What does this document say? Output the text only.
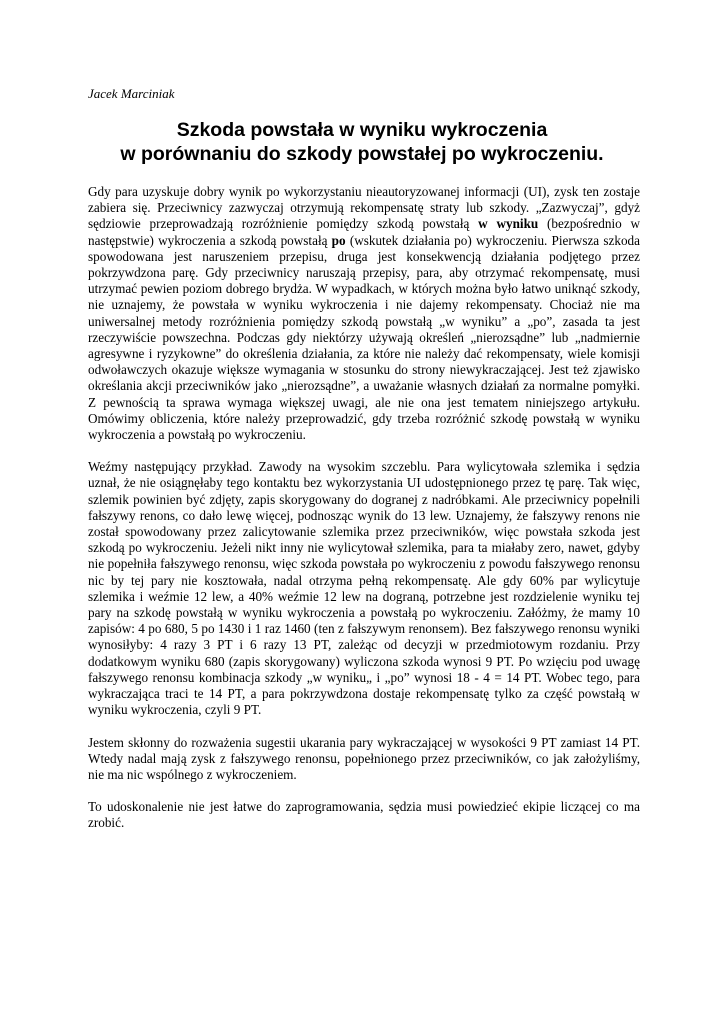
Jacek Marciniak
Szkoda powstała w wyniku wykroczenia
w porównaniu do szkody powstałej po wykroczeniu.

Gdy para uzyskuje dobry wynik po wykorzystaniu nieautoryzowanej informacji (UI), zysk ten zostaje zabiera się. Przeciwnicy zazwyczaj otrzymują rekompensatę straty lub szkody. „Zazwyczaj”, gdyż sędziowie przeprowadzają rozróżnienie pomiędzy szkodą powstałą w wyniku (bezpośrednio w następstwie) wykroczenia a szkodą powstałą po (wskutek działania po) wykroczeniu. Pierwsza szkoda spowodowana jest naruszeniem przepisu, druga jest konsekwencją działania podjętego przez pokrzywdzona parę. Gdy przeciwnicy naruszają przepisy, para, aby otrzymać rekompensatę, musi utrzymać pewien poziom dobrego brydża. W wypadkach, w których można było łatwo uniknąć szkody, nie uznajemy, że powstała w wyniku wykroczenia i nie dajemy rekompensaty. Chociaż nie ma uniwersalnej metody rozróżnienia pomiędzy szkodą powstałą „w wyniku” a „po”, zasada ta jest rzeczywiście powszechna. Podczas gdy niektórzy używają określeń „nierozsądne” lub „nadmiernie agresywne i ryzykowne” do określenia działania, za które nie należy dać rekompensaty, wiele komisji odwoławczych okazuje większe wymagania w stosunku do strony niewykraczającej. Jest też zjawisko określania akcji przeciwników jako „nierozsądne”, a uważanie własnych działań za normalne pomyłki. Z pewnością ta sprawa wymaga większej uwagi, ale nie ona jest tematem niniejszego artykułu. Omówimy obliczenia, które należy przeprowadzić, gdy trzeba rozróżnić szkodę powstałą w wyniku wykroczenia a powstałą po wykroczeniu.

Weźmy następujący przykład. Zawody na wysokim szczeblu. Para wylicytowała szlemika i sędzia uznał, że nie osiągnęłaby tego kontaktu bez wykorzystania UI udostępnionego przez tę parę. Tak więc, szlemik powinien być zdjęty, zapis skorygowany do dogranej z nadróbkami. Ale przeciwnicy popełnili fałszywy renons, co dało lewę więcej, podnosząc wynik do 13 lew. Uznajemy, że fałszywy renons nie został spowodowany przez zalicytowanie szlemika przez przeciwników, więc powstała szkoda jest szkodą po wykroczeniu. Jeżeli nikt inny nie wylicytował szlemika, para ta miałaby zero, nawet, gdyby nie popełniła fałszywego renonsu, więc szkoda powstała po wykroczeniu z powodu fałszywego renonsu nic by tej pary nie kosztowała, nadal otrzyma pełną rekompensatę. Ale gdy 60% par wylicytuje szlemika i weźmie 12 lew, a 40% weźmie 12 lew na dograną, potrzebne jest rozdzielenie wyniku tej pary na szkodę powstałą w wyniku wykroczenia a powstałą po wykroczeniu. Załóżmy, że mamy 10 zapisów: 4 po 680, 5 po 1430 i 1 raz 1460 (ten z fałszywym renonsem). Bez fałszywego renonsu wyniki wynosiłyby: 4 razy 3 PT i 6 razy 13 PT, zależąc od decyzji w przedmiotowym rozdaniu. Przy dodatkowym wyniku 680 (zapis skorygowany) wyliczona szkoda wynosi 9 PT. Po wzięciu pod uwagę fałszywego renonsu kombinacja szkody „w wyniku„ i „po” wynosi 18 - 4 = 14 PT. Wobec tego, para wykraczająca traci te 14 PT, a para pokrzywdzona dostaje rekompensatę tylko za część powstałą w wyniku wykroczenia, czyli 9 PT.

Jestem skłonny do rozważenia sugestii ukarania pary wykraczającej w wysokości 9 PT zamiast 14 PT. Wtedy nadal mają zysk z fałszywego renonsu, popełnionego przez przeciwników, co jak założyliśmy, nie ma nic wspólnego z wykroczeniem.

To udoskonalenie nie jest łatwe do zaprogramowania, sędzia musi powiedzieć ekipie liczącej co ma zrobić.
